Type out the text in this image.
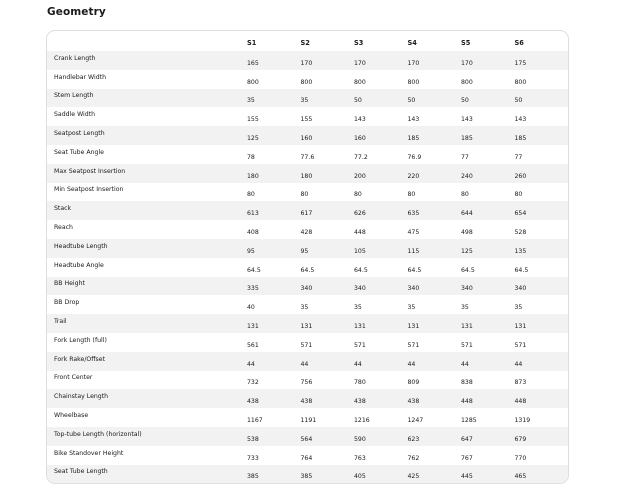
Geometry
	S1	S2	S3	S4	S5	S6
Crank Length	165	170	170	170	170	175
Handlebar Width	800	800	800	800	800	800
Stem Length	35	35	50	50	50	50
Saddle Width	155	155	143	143	143	143
Seatpost Length	125	160	160	185	185	185
Seat Tube Angle	78	77.6	77.2	76.9	77	77
Max Seatpost Insertion	180	180	200	220	240	260
Min Seatpost Insertion	80	80	80	80	80	80
Stack	613	617	626	635	644	654
Reach	408	428	448	475	498	528
Headtube Length	95	95	105	115	125	135
Headtube Angle	64.5	64.5	64.5	64.5	64.5	64.5
BB Height	335	340	340	340	340	340
BB Drop	40	35	35	35	35	35
Trail	131	131	131	131	131	131
Fork Length (full)	561	571	571	571	571	571
Fork Rake/Offset	44	44	44	44	44	44
Front Center	732	756	780	809	838	873
Chainstay Length	438	438	438	438	448	448
Wheelbase	1167	1191	1216	1247	1285	1319
Top-tube Length (horizontal)	538	564	590	623	647	679
Bike Standover Height	733	764	763	762	767	770
Seat Tube Length	385	385	405	425	445	465
